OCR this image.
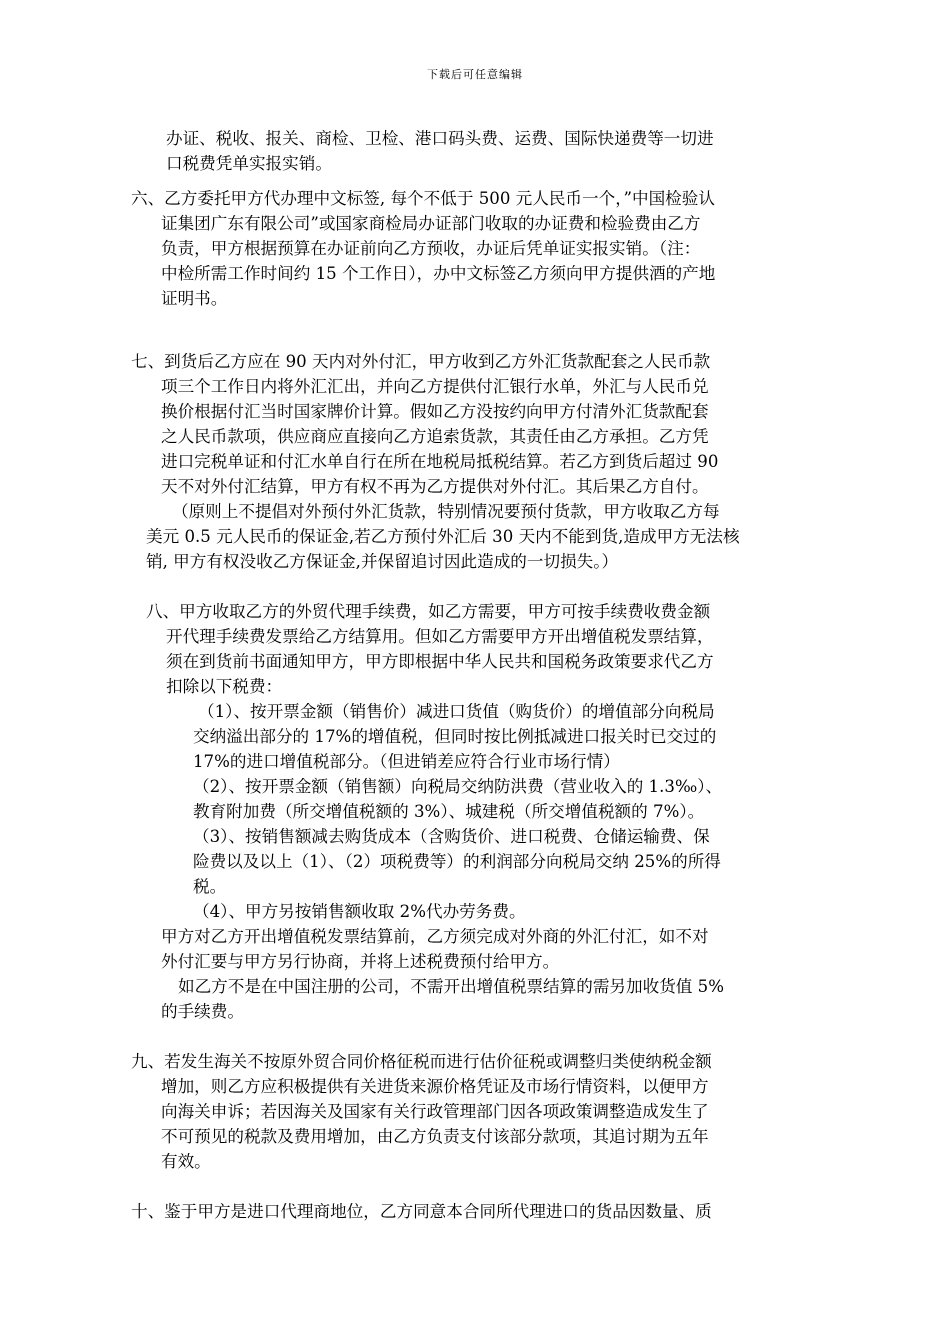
下载后可任意编辑
办证、税收、报关、商检、卫检、港口码头费、运费、国际快递费等一切进
口税费凭单实报实销。
六、乙方委托甲方代办理中文标签, 每个不低于 500 元人民币一个，”中国检验认
证集团广东有限公司”或国家商检局办证部门收取的办证费和检验费由乙方
负责，甲方根据预算在办证前向乙方预收，办证后凭单证实报实销。（注：
中检所需工作时间约 15 个工作日），办中文标签乙方须向甲方提供酒的产地
证明书。
七、到货后乙方应在 90 天内对外付汇，甲方收到乙方外汇货款配套之人民币款
项三个工作日内将外汇汇出，并向乙方提供付汇银行水单，外汇与人民币兑
换价根据付汇当时国家牌价计算。假如乙方没按约向甲方付清外汇货款配套
之人民币款项，供应商应直接向乙方追索货款，其责任由乙方承担。乙方凭
进口完税单证和付汇水单自行在所在地税局抵税结算。若乙方到货后超过 90
天不对外付汇结算，甲方有权不再为乙方提供对外付汇。其后果乙方自付。
（原则上不提倡对外预付外汇货款，特别情况要预付货款，甲方收取乙方每
美元 0.5 元人民币的保证金,若乙方预付外汇后 30 天内不能到货,造成甲方无法核
销, 甲方有权没收乙方保证金,并保留追讨因此造成的一切损失。）
八、甲方收取乙方的外贸代理手续费，如乙方需要，甲方可按手续费收费金额
开代理手续费发票给乙方结算用。但如乙方需要甲方开出增值税发票结算，
须在到货前书面通知甲方，甲方即根据中华人民共和国税务政策要求代乙方
扣除以下税费：
（1）、按开票金额（销售价）减进口货值（购货价）的增值部分向税局
交纳溢出部分的 17%的增值税，但同时按比例抵减进口报关时已交过的
17%的进口增值税部分。（但进销差应符合行业市场行情）
（2）、按开票金额（销售额）向税局交纳防洪费（营业收入的 1.3‰）、
教育附加费（所交增值税额的 3%）、城建税（所交增值税额的 7%）。
（3）、按销售额减去购货成本（含购货价、进口税费、仓储运输费、保
险费以及以上（1）、（2）项税费等）的利润部分向税局交纳 25%的所得
税。
（4）、甲方另按销售额收取 2%代办劳务费。
甲方对乙方开出增值税发票结算前，乙方须完成对外商的外汇付汇，如不对
外付汇要与甲方另行协商，并将上述税费预付给甲方。
如乙方不是在中国注册的公司，不需开出增值税票结算的需另加收货值 5%
的手续费。
九、若发生海关不按原外贸合同价格征税而进行估价征税或调整归类使纳税金额
增加，则乙方应积极提供有关进货来源价格凭证及市场行情资料，以便甲方
向海关申诉；若因海关及国家有关行政管理部门因各项政策调整造成发生了
不可预见的税款及费用增加，由乙方负责支付该部分款项，其追讨期为五年
有效。
十、鉴于甲方是进口代理商地位，乙方同意本合同所代理进口的货品因数量、质
